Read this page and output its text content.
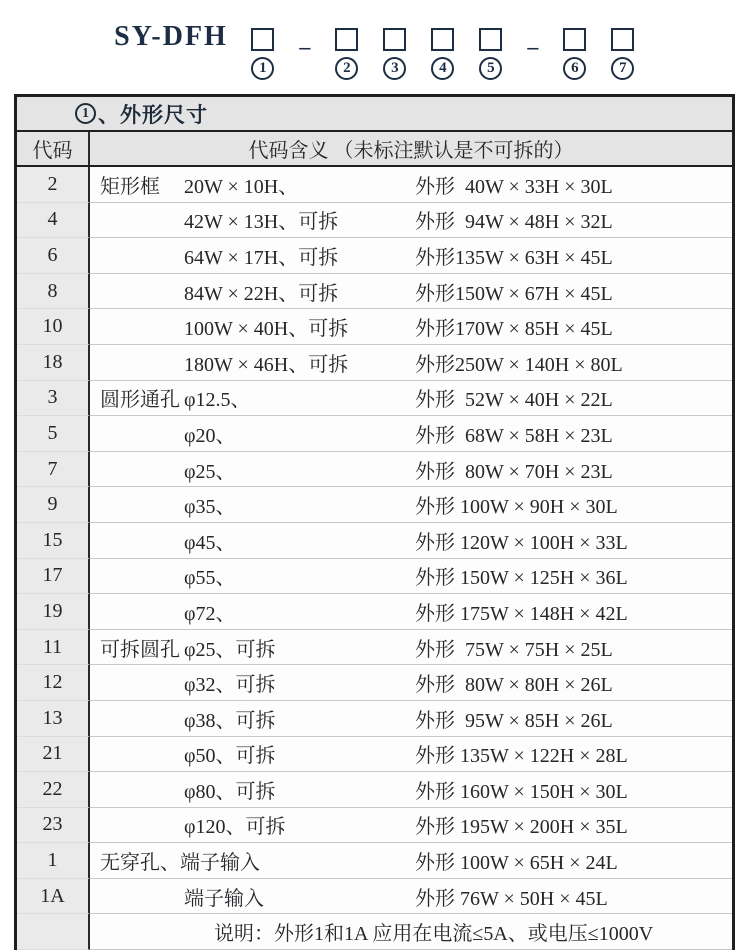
SY-DFH
1
–
2	3	4	5
–
6	7
1 、外形尺寸
代码	代码含义 （未标注默认是不可拆的）
2	矩形框	20W × 10H、	外形  40W × 33H × 30L
4	42W × 13H、可拆	外形  94W × 48H × 32L
6	64W × 17H、可拆	外形135W × 63H × 45L
8	84W × 22H、可拆	外形150W × 67H × 45L
10	100W × 40H、可拆	外形170W × 85H × 45L
18	180W × 46H、可拆	外形250W × 140H × 80L
3	圆形通孔 φ12.5、	外形  52W × 40H × 22L
5	φ20、	外形  68W × 58H × 23L
7	φ25、	外形  80W × 70H × 23L
9	φ35、	外形 100W × 90H × 30L
15	φ45、	外形 120W × 100H × 33L
17	φ55、	外形 150W × 125H × 36L
19	φ72、	外形 175W × 148H × 42L
11	可拆圆孔 φ25、可拆	外形  75W × 75H × 25L
12	φ32、可拆	外形  80W × 80H × 26L
13	φ38、可拆	外形  95W × 85H × 26L
21	φ50、可拆	外形 135W × 122H × 28L
22	φ80、可拆	外形 160W × 150H × 30L
23	φ120、可拆	外形 195W × 200H × 35L
1	无穿孔、端子输入	外形 100W × 65H × 24L
1A	端子输入	外形 76W × 50H × 45L
说明：外形1和1A 应用在电流≤5A、或电压≤1000V
